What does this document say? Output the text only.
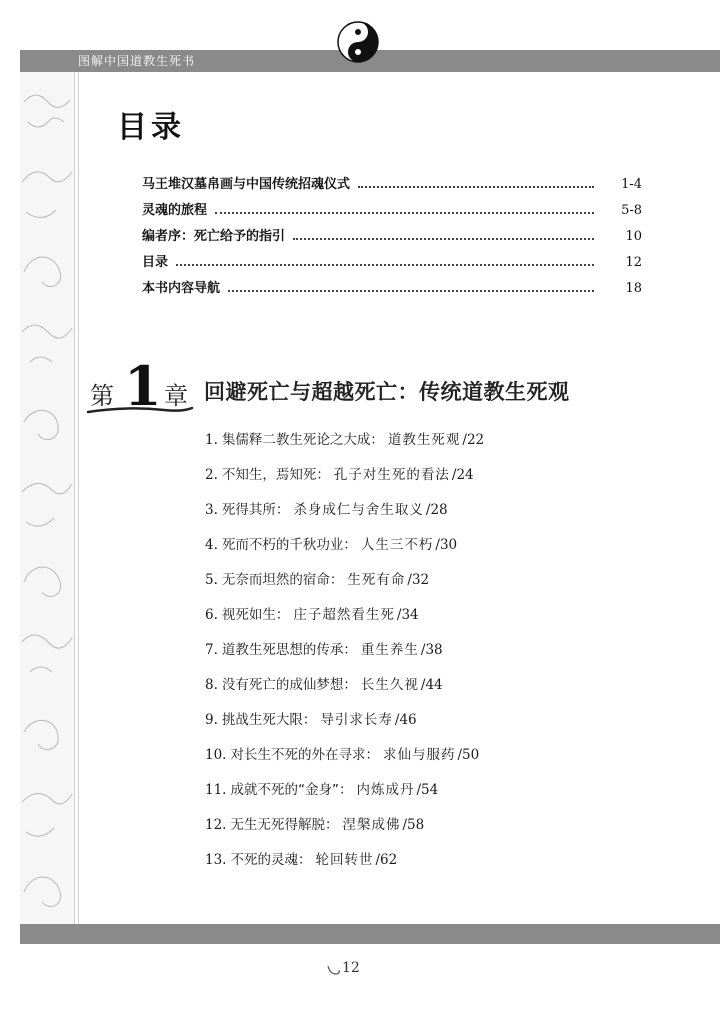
图解中国道教生死书
目录
马王堆汉墓帛画与中国传统招魂仪式	1-4
灵魂的旅程	5-8
编者序：死亡给予的指引	10
目录	12
本书内容导航	18
第 1 章 回避死亡与超越死亡：传统道教生死观
1. 集儒释二教生死论之大成： 道教生死观 /22
2. 不知生，焉知死： 孔子对生死的看法 /24
3. 死得其所： 杀身成仁与舍生取义 /28
4. 死而不朽的千秋功业： 人生三不朽 /30
5. 无奈而坦然的宿命： 生死有命 /32
6. 视死如生： 庄子超然看生死 /34
7. 道教生死思想的传承： 重生养生 /38
8. 没有死亡的成仙梦想： 长生久视 /44
9. 挑战生死大限： 导引求长寿 /46
10. 对长生不死的外在寻求： 求仙与服药 /50
11. 成就不死的“金身”： 内炼成丹 /54
12. 无生无死得解脱： 涅槃成佛 /58
13. 不死的灵魂： 轮回转世 /62
12
